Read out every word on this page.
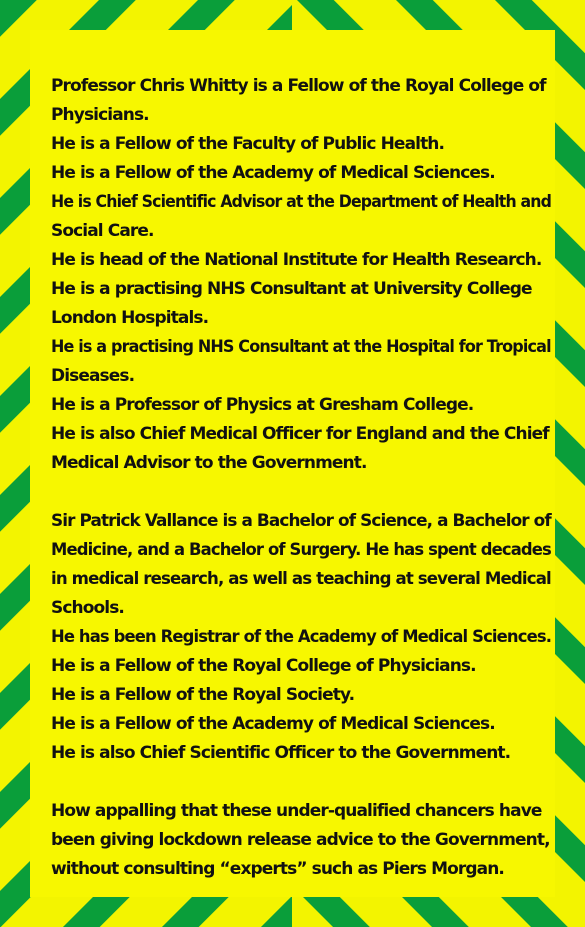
Professor Chris Whitty is a Fellow of the Royal College of
Physicians.
He is a Fellow of the Faculty of Public Health.
He is a Fellow of the Academy of Medical Sciences.
He is Chief Scientific Advisor at the Department of Health and
Social Care.
He is head of the National Institute for Health Research.
He is a practising NHS Consultant at University College
London Hospitals.
He is a practising NHS Consultant at the Hospital for Tropical
Diseases.
He is a Professor of Physics at Gresham College.
He is also Chief Medical Officer for England and the Chief
Medical Advisor to the Government.

Sir Patrick Vallance is a Bachelor of Science, a Bachelor of
Medicine, and a Bachelor of Surgery. He has spent decades
in medical research, as well as teaching at several Medical
Schools.
He has been Registrar of the Academy of Medical Sciences.
He is a Fellow of the Royal College of Physicians.
He is a Fellow of the Royal Society.
He is a Fellow of the Academy of Medical Sciences.
He is also Chief Scientific Officer to the Government.

How appalling that these under-qualified chancers have
been giving lockdown release advice to the Government,
without consulting “experts” such as Piers Morgan.
